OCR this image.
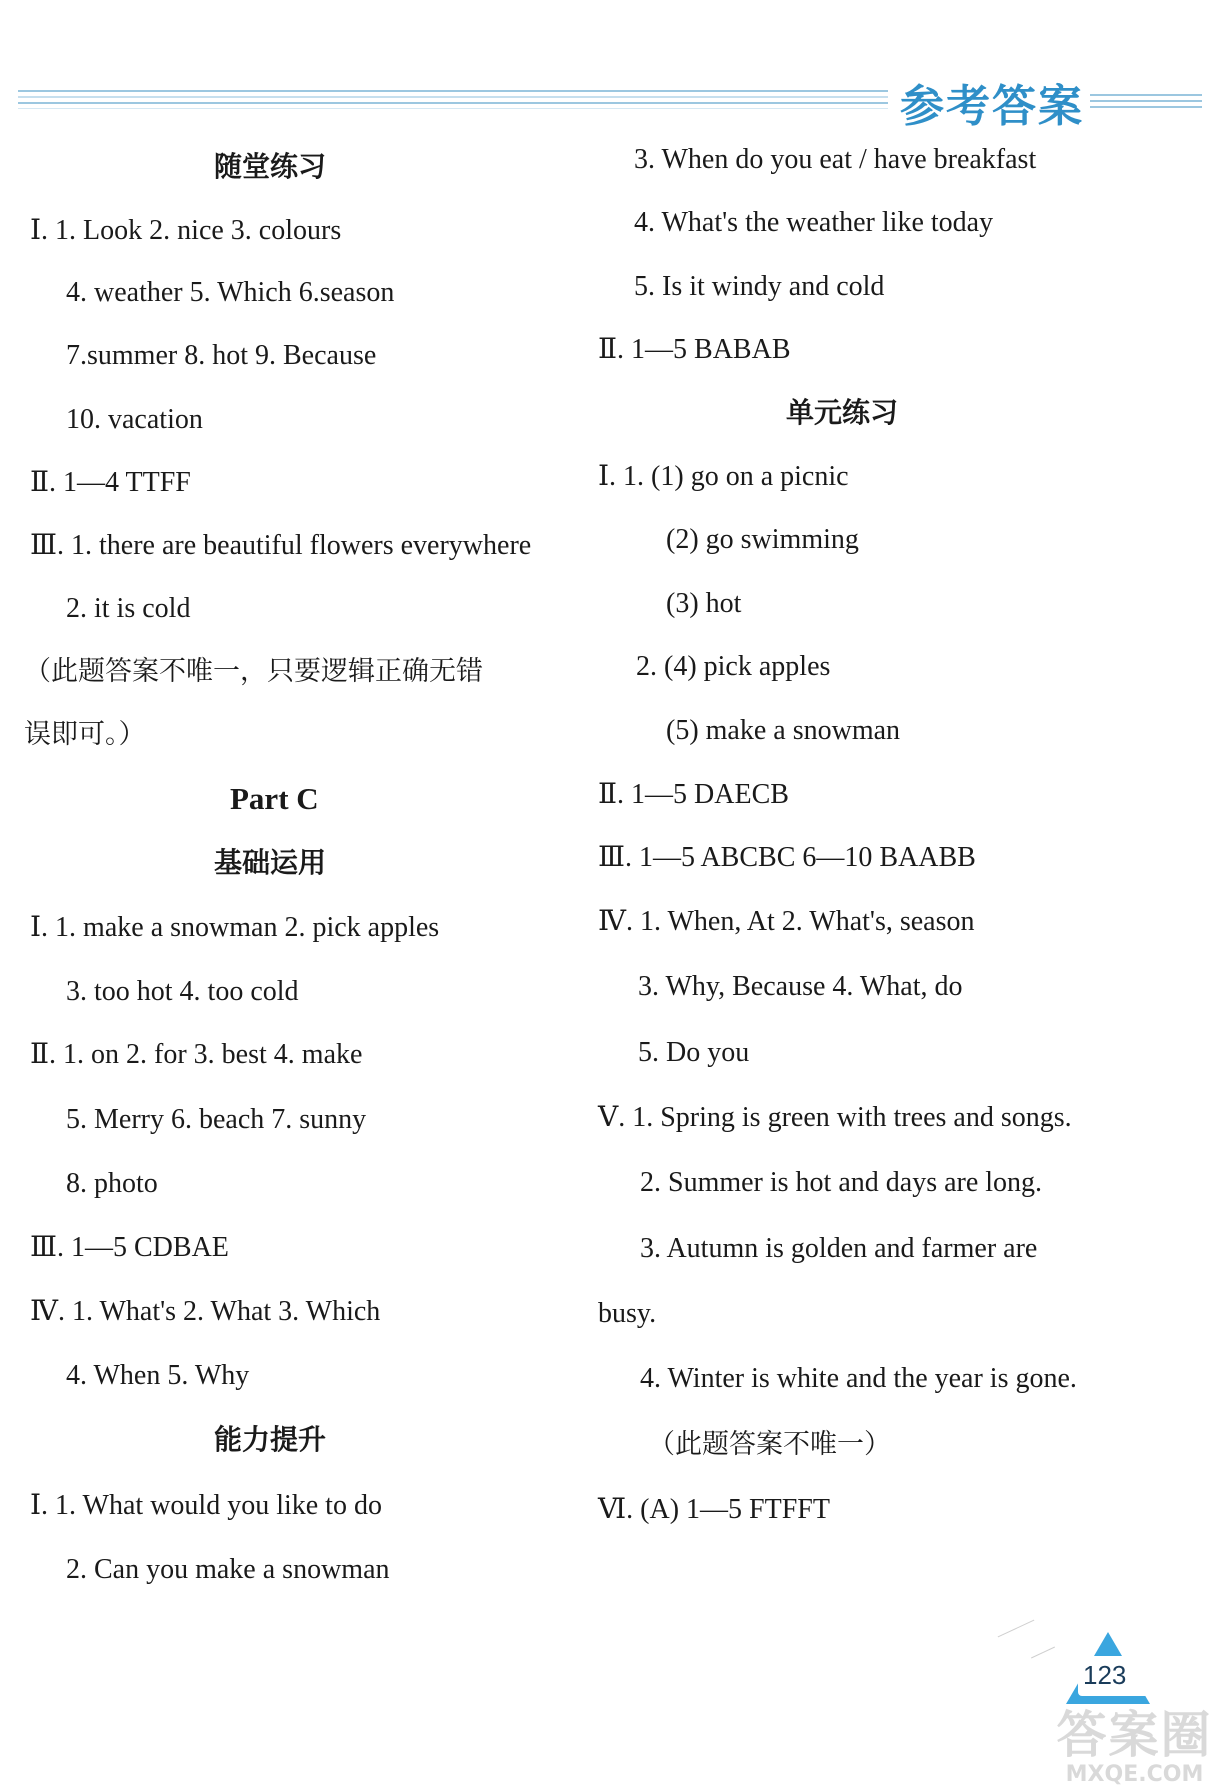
参考答案
随堂练习
Ⅰ. 1. Look 2. nice 3. colours
4. weather 5. Which 6.season
7.summer 8. hot 9. Because
10. vacation
Ⅱ. 1—4 TTFF
Ⅲ. 1. there are beautiful flowers everywhere
2. it is cold
（此题答案不唯一，只要逻辑正确无错
误即可。）
Part C
基础运用
Ⅰ. 1. make a snowman 2. pick apples
3. too hot 4. too cold
Ⅱ. 1. on 2. for 3. best 4. make
5. Merry 6. beach 7. sunny
8. photo
Ⅲ. 1—5 CDBAE
Ⅳ. 1. What's 2. What 3. Which
4. When 5. Why
能力提升
Ⅰ. 1. What would you like to do
2. Can you make a snowman
3. When do you eat / have breakfast
4. What's the weather like today
5. Is it windy and cold
Ⅱ. 1—5 BABAB
单元练习
Ⅰ. 1. (1) go on a picnic
(2) go swimming
(3) hot
2. (4) pick apples
(5) make a snowman
Ⅱ. 1—5 DAECB
Ⅲ. 1—5 ABCBC 6—10 BAABB
Ⅳ. 1. When, At 2. What's, season
3. Why, Because 4. What, do
5. Do you
Ⅴ. 1. Spring is green with trees and songs.
2. Summer is hot and days are long.
3. Autumn is golden and farmer are
busy.
4. Winter is white and the year is gone.
（此题答案不唯一）
Ⅵ. (A) 1—5 FTFFT
123
答案圈
MXQE.COM
